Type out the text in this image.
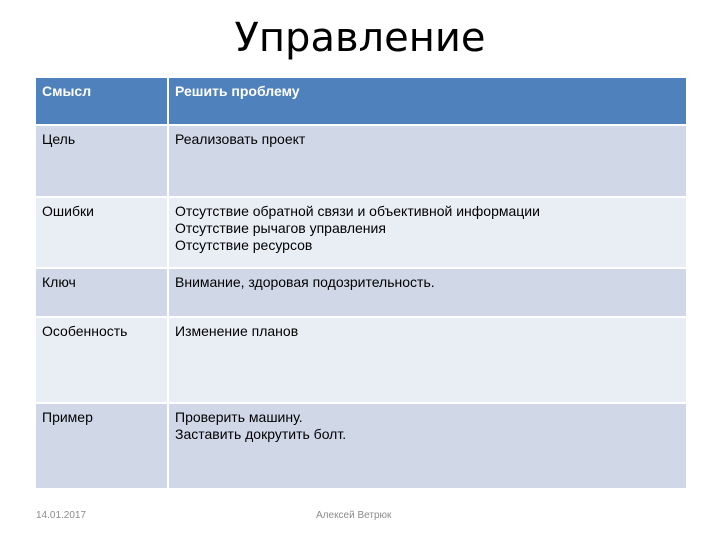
Управление
Смысл	Решить проблему
Цель	Реализовать проект

Ошибки	Отсутствие обратной связи и объективной информации
Отсутствие рычагов управления
Отсутствие ресурсов

Ключ	Внимание, здоровая подозрительность.

Особенность	Изменение планов

Пример	Проверить машину.
Заставить докрутить болт.
14.01.2017	Алексей Ветрюк
